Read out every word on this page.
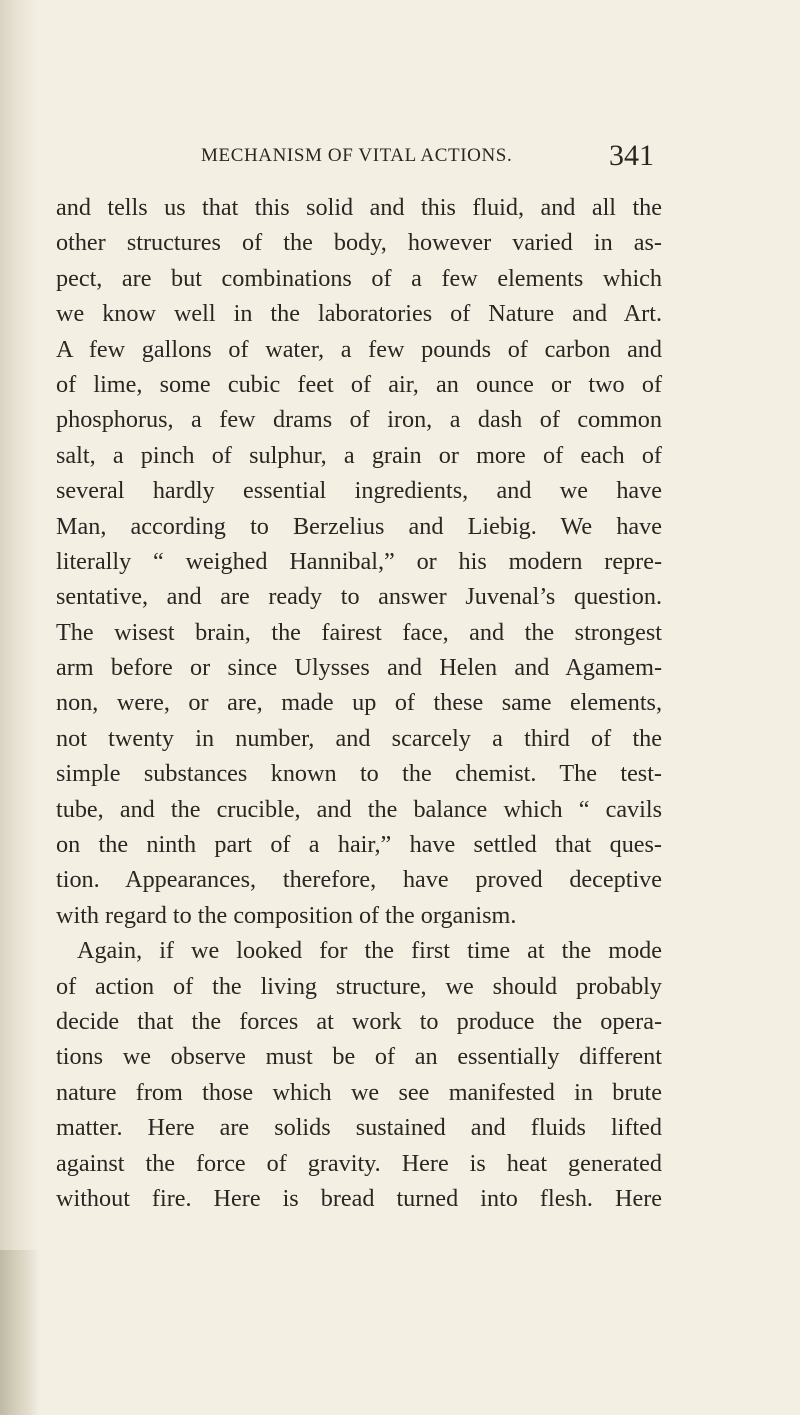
MECHANISM OF VITAL ACTIONS.	341
and tells us that this solid and this fluid, and all the
other structures of the body, however varied in as-
pect, are but combinations of a few elements which
we know well in the laboratories of Nature and Art.
A few gallons of water, a few pounds of carbon and
of lime, some cubic feet of air, an ounce or two of
phosphorus, a few drams of iron, a dash of common
salt, a pinch of sulphur, a grain or more of each of
several hardly essential ingredients, and we have
Man, according to Berzelius and Liebig. We have
literally “ weighed Hannibal,” or his modern repre-
sentative, and are ready to answer Juvenal’s question.
The wisest brain, the fairest face, and the strongest
arm before or since Ulysses and Helen and Agamem-
non, were, or are, made up of these same elements,
not twenty in number, and scarcely a third of the
simple substances known to the chemist. The test-
tube, and the crucible, and the balance which “ cavils
on the ninth part of a hair,” have settled that ques-
tion. Appearances, therefore, have proved deceptive
with regard to the composition of the organism.
Again, if we looked for the first time at the mode
of action of the living structure, we should probably
decide that the forces at work to produce the opera-
tions we observe must be of an essentially different
nature from those which we see manifested in brute
matter. Here are solids sustained and fluids lifted
against the force of gravity. Here is heat generated
without fire. Here is bread turned into flesh. Here
